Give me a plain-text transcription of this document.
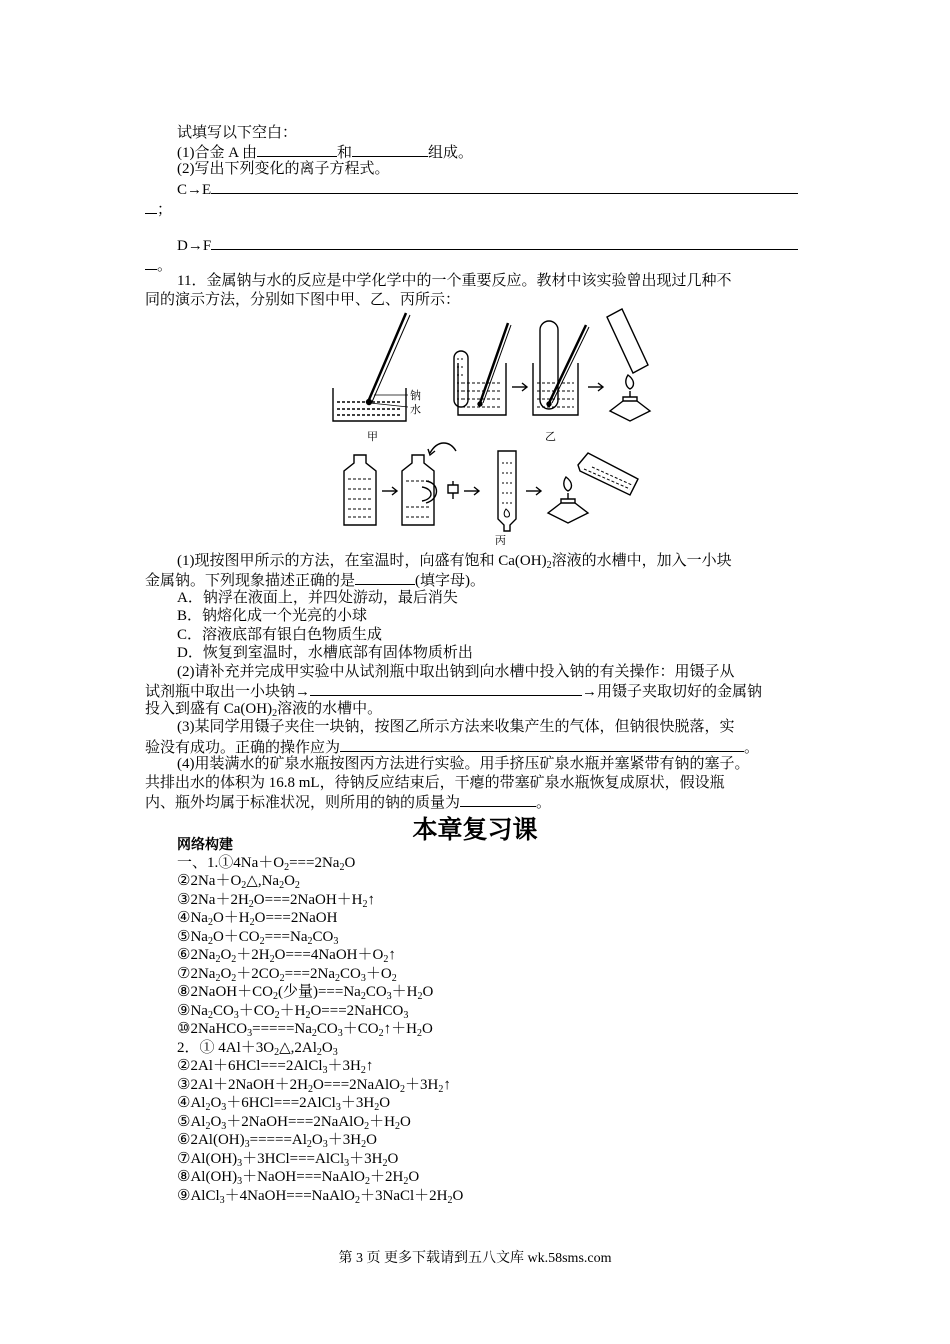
试填写以下空白：
(1)合金 A 由	和	组成。
(2)写出下列变化的离子方程式。
C→E
；
D→F
。
11．金属钠与水的反应是中学化学中的一个重要反应。教材中该实验曾出现过几种不
同的演示方法，分别如下图中甲、乙、丙所示：
钠
水
甲	乙
丙
(1)现按图甲所示的方法，在室温时，向盛有饱和 $Ca(OH)_2$溶液的水槽中，加入一小块
金属钠。下列现象描述正确的是	(填字母)。
A．钠浮在液面上，并四处游动，最后消失
B．钠熔化成一个光亮的小球
C．溶液底部有银白色物质生成
D．恢复到室温时，水槽底部有固体物质析出
(2)请补充并完成甲实验中从试剂瓶中取出钠到向水槽中投入钠的有关操作：用镊子从
试剂瓶中取出一小块钠→	→用镊子夹取切好的金属钠
投入到盛有 $Ca(OH)_2$溶液的水槽中。
(3)某同学用镊子夹住一块钠，按图乙所示方法来收集产生的气体，但钠很快脱落，实
验没有成功。正确的操作应为	。
(4)用装满水的矿泉水瓶按图丙方法进行实验。用手挤压矿泉水瓶并塞紧带有钠的塞子。
共排出水的体积为 16.8 mL，待钠反应结束后，干瘪的带塞矿泉水瓶恢复成原状，假设瓶
内、瓶外均属于标准状况，则所用的钠的质量为	。
本章复习课
网络构建
一、$1.①4Na+O_2===2Na_2O$
$②2Na+O_2\triangle,Na_2O_2$
$③2Na+2H_2O===2NaOH+H_2↑$
$④Na_2O+H_2O===2NaOH$
$⑤Na_2O+CO_2===Na_2CO_3$
$⑥2Na_2O_2+2H_2O===4NaOH+O_2↑$
$⑦2Na_2O_2+2CO_2===2Na_2CO_3+O_2$
$⑧2NaOH+CO_2$(少量)$===Na_2CO_3+H_2O$
$⑨Na_2CO_3+CO_2+H_2O===2NaHCO_3$
$⑩2NaHCO_3=====Na_2CO_3+CO_2↑+H_2O$
2．① $4Al+3O_2\triangle,2Al_2O_3$
$②2Al+6HCl===2AlCl_3+3H_2↑$
$③2Al+2NaOH+2H_2O===2NaAlO_2+3H_2↑$
$④Al_2O_3+6HCl===2AlCl_3+3H_2O$
$⑤Al_2O_3+2NaOH===2NaAlO_2+H_2O$
$⑥2Al(OH)_3=====Al_2O_3+3H_2O$
$⑦Al(OH)_3+3HCl===AlCl_3+3H_2O$
$⑧Al(OH)_3+NaOH===NaAlO_2+2H_2O$
$⑨AlCl_3+4NaOH===NaAlO_2+3NaCl+2H_2O$
第 3 页 更多下载请到五八文库 wk.58sms.com
